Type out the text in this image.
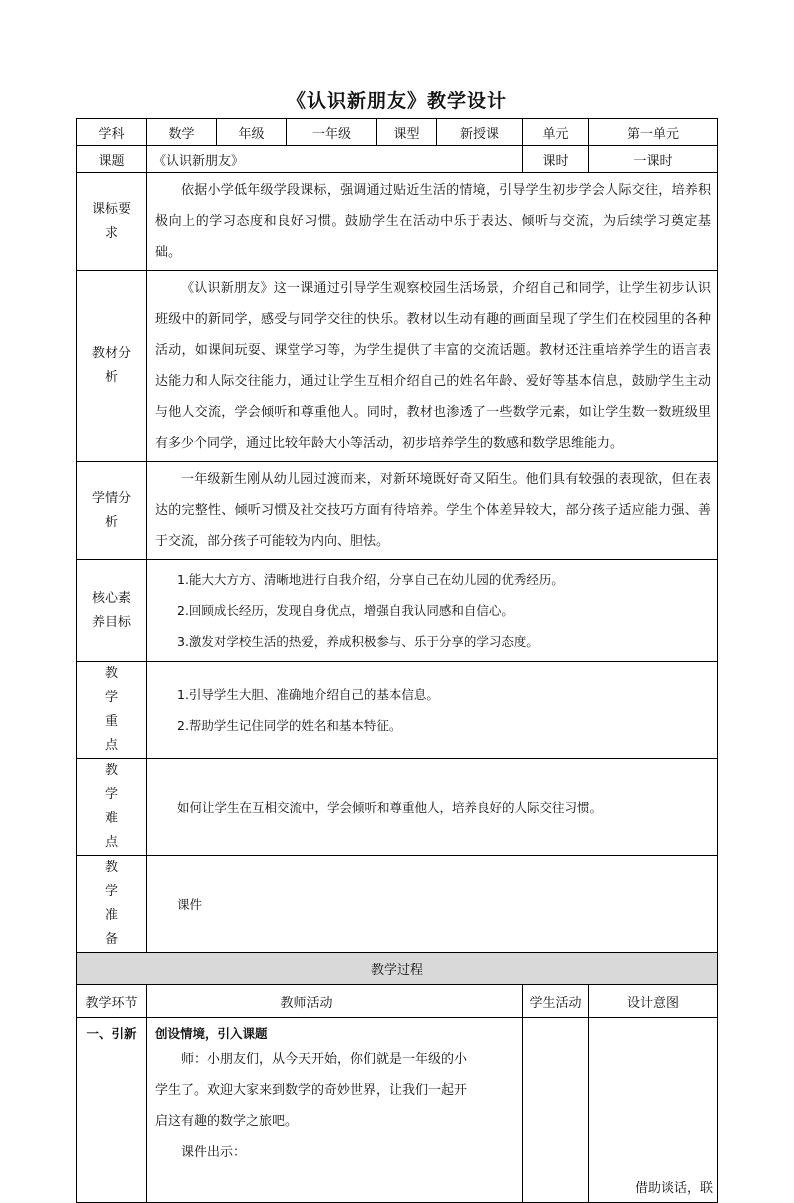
《认识新朋友》教学设计
学科	数学	年级	一年级	课型	新授课	单元	第一单元
课题	《认识新朋友》					课时	一课时
课标要求	依据小学低年级学段课标，强调通过贴近生活的情境，引导学生初步学会人际交往，培养积极向上的学习态度和良好习惯。鼓励学生在活动中乐于表达、倾听与交流，为后续学习奠定基础。						
教材分析	《认识新朋友》这一课通过引导学生观察校园生活场景，介绍自己和同学，让学生初步认识班级中的新同学，感受与同学交往的快乐。教材以生动有趣的画面呈现了学生们在校园里的各种活动，如课间玩耍、课堂学习等，为学生提供了丰富的交流话题。教材还注重培养学生的语言表达能力和人际交往能力，通过让学生互相介绍自己的姓名年龄、爱好等基本信息，鼓励学生主动与他人交流，学会倾听和尊重他人。同时，教材也渗透了一些数学元素，如让学生数一数班级里有多少个同学，通过比较年龄大小等活动，初步培养学生的数感和数学思维能力。						
学情分析	一年级新生刚从幼儿园过渡而来，对新环境既好奇又陌生。他们具有较强的表现欲，但在表达的完整性、倾听习惯及社交技巧方面有待培养。学生个体差异较大，部分孩子适应能力强、善于交流，部分孩子可能较为内向、胆怯。						
核心素养目标	1.能大大方方、清晰地进行自我介绍，分享自己在幼儿园的优秀经历。
2.回顾成长经历，发现自身优点，增强自我认同感和自信心。
3.激发对学校生活的热爱，养成积极参与、乐于分享的学习态度。						

教学重点	1.引导学生大胆、准确地介绍自己的基本信息。
2.帮助学生记住同学的姓名和基本特征。						

教学难点	如何让学生在互相交流中，学会倾听和尊重他人，培养良好的人际交往习惯。						
教学准备	课件						
教学过程							
教学环节	教师活动					学生活动	设计意图
一、引新	创设情境，引入课题
师：小朋友们，从今天开始，你们就是一年级的小学生了。欢迎大家来到数学的奇妙世界，让我们一起开启这有趣的数学之旅吧。
课件出示：						借助谈话，联
